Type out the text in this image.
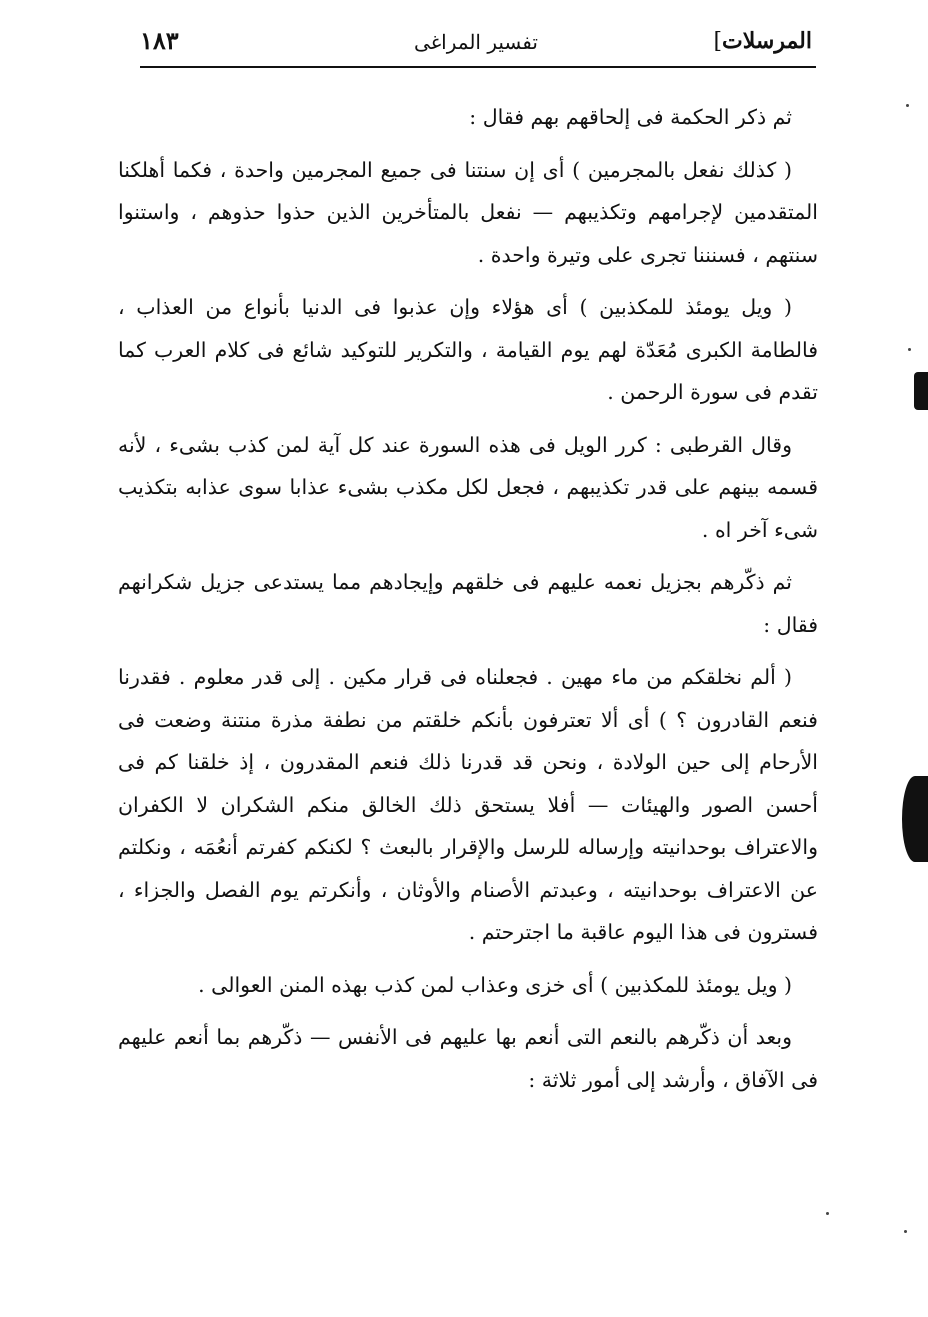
المرسلات]
تفسير المراغى
١٨٣

ثم ذكر الحكمة فى إلحاقهم بهم فقال :

( كذلك نفعل بالمجرمين ) أى إن سنتنا فى جميع المجرمين واحدة ، فكما أهلكنا المتقدمين لإجرامهم وتكذيبهم — نفعل بالمتأخرين الذين حذوا حذوهم ، واستنوا سنتهم ، فسنننا تجرى على وتيرة واحدة .

( ويل يومئذ للمكذبين ) أى هؤلاء وإن عذبوا فى الدنيا بأنواع من العذاب ، فالطامة الكبرى مُعَدّة لهم يوم القيامة ، والتكرير للتوكيد شائع فى كلام العرب كما تقدم فى سورة الرحمن .

وقال القرطبى : كرر الويل فى هذه السورة عند كل آية لمن كذب بشىء ، لأنه قسمه بينهم على قدر تكذيبهم ، فجعل لكل مكذب بشىء عذابا سوى عذابه بتكذيب شىء آخر اه .

ثم ذكّرهم بجزيل نعمه عليهم فى خلقهم وإيجادهم مما يستدعى جزيل شكرانهم فقال :

( ألم نخلقكم من ماء مهين . فجعلناه فى قرار مكين . إلى قدر معلوم . فقدرنا فنعم القادرون ؟ ) أى ألا تعترفون بأنكم خلقتم من نطفة مذرة منتنة وضعت فى الأرحام إلى حين الولادة ، ونحن قد قدرنا ذلك فنعم المقدرون ، إذ خلقنا كم فى أحسن الصور والهيئات — أفلا يستحق ذلك الخالق منكم الشكران لا الكفران والاعتراف بوحدانيته وإرساله للرسل والإقرار بالبعث ؟ لكنكم كفرتم أنعُمَه ، ونكلتم عن الاعتراف بوحدانيته ، وعبدتم الأصنام والأوثان ، وأنكرتم يوم الفصل والجزاء ، فسترون فى هذا اليوم عاقبة ما اجترحتم .

( ويل يومئذ للمكذبين ) أى خزى وعذاب لمن كذب بهذه المنن العوالى .

وبعد أن ذكّرهم بالنعم التى أنعم بها عليهم فى الأنفس — ذكّرهم بما أنعم عليهم فى الآفاق ، وأرشد إلى أمور ثلاثة :
